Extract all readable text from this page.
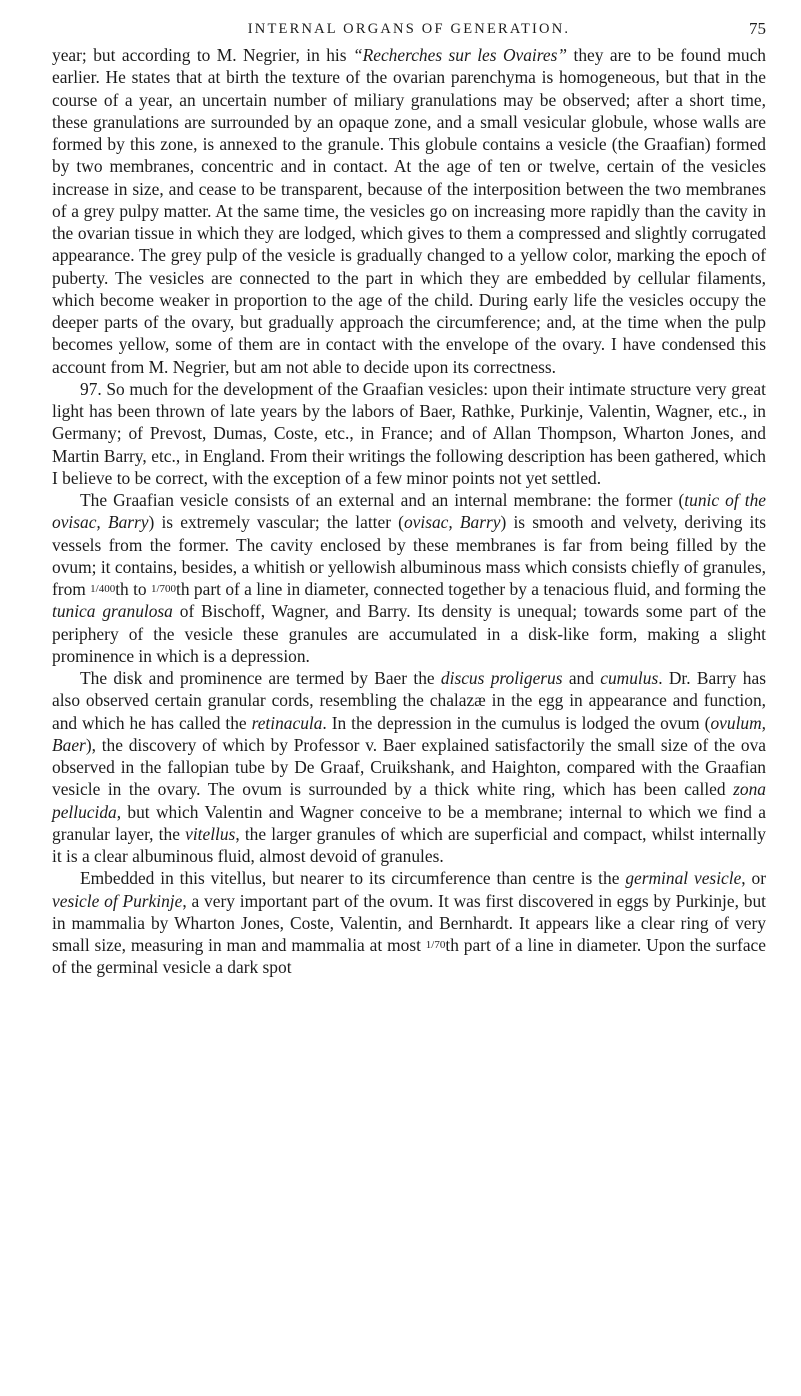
INTERNAL ORGANS OF GENERATION.	75

year; but according to M. Negrier, in his “Recherches sur les Ovaires” they are to be found much earlier. He states that at birth the texture of the ovarian parenchyma is homogeneous, but that in the course of a year, an uncertain number of miliary granulations may be observed; after a short time, these granulations are surrounded by an opaque zone, and a small vesicular globule, whose walls are formed by this zone, is annexed to the granule. This globule contains a vesicle (the Graafian) formed by two membranes, concentric and in contact. At the age of ten or twelve, certain of the vesicles increase in size, and cease to be transparent, because of the interposition between the two membranes of a grey pulpy matter. At the same time, the vesicles go on increasing more rapidly than the cavity in the ovarian tissue in which they are lodged, which gives to them a compressed and slightly corrugated appearance. The grey pulp of the vesicle is gradually changed to a yellow color, marking the epoch of puberty. The vesicles are connected to the part in which they are embedded by cellular filaments, which become weaker in proportion to the age of the child. During early life the vesicles occupy the deeper parts of the ovary, but gradually approach the circumference; and, at the time when the pulp becomes yellow, some of them are in contact with the envelope of the ovary. I have condensed this account from M. Negrier, but am not able to decide upon its correctness.

97. So much for the development of the Graafian vesicles: upon their intimate structure very great light has been thrown of late years by the labors of Baer, Rathke, Purkinje, Valentin, Wagner, etc., in Germany; of Prevost, Dumas, Coste, etc., in France; and of Allan Thompson, Wharton Jones, and Martin Barry, etc., in England. From their writings the following description has been gathered, which I believe to be correct, with the exception of a few minor points not yet settled.

The Graafian vesicle consists of an external and an internal membrane: the former (tunic of the ovisac, Barry) is extremely vascular; the latter (ovisac, Barry) is smooth and velvety, deriving its vessels from the former. The cavity enclosed by these membranes is far from being filled by the ovum; it contains, besides, a whitish or yellowish albuminous mass which consists chiefly of granules, from 1/400th to 1/700th part of a line in diameter, connected together by a tenacious fluid, and forming the tunica granulosa of Bischoff, Wagner, and Barry. Its density is unequal; towards some part of the periphery of the vesicle these granules are accumulated in a disk-like form, making a slight prominence in which is a depression.

The disk and prominence are termed by Baer the discus proligerus and cumulus. Dr. Barry has also observed certain granular cords, resembling the chalazæ in the egg in appearance and function, and which he has called the retinacula. In the depression in the cumulus is lodged the ovum (ovulum, Baer), the discovery of which by Professor v. Baer explained satisfactorily the small size of the ova observed in the fallopian tube by De Graaf, Cruikshank, and Haighton, compared with the Graafian vesicle in the ovary. The ovum is surrounded by a thick white ring, which has been called zona pellucida, but which Valentin and Wagner conceive to be a membrane; internal to which we find a granular layer, the vitellus, the larger granules of which are superficial and compact, whilst internally it is a clear albuminous fluid, almost devoid of granules.

Embedded in this vitellus, but nearer to its circumference than centre is the germinal vesicle, or vesicle of Purkinje, a very important part of the ovum. It was first discovered in eggs by Purkinje, but in mammalia by Wharton Jones, Coste, Valentin, and Bernhardt. It appears like a clear ring of very small size, measuring in man and mammalia at most 1/70th part of a line in diameter. Upon the surface of the germinal vesicle a dark spot
